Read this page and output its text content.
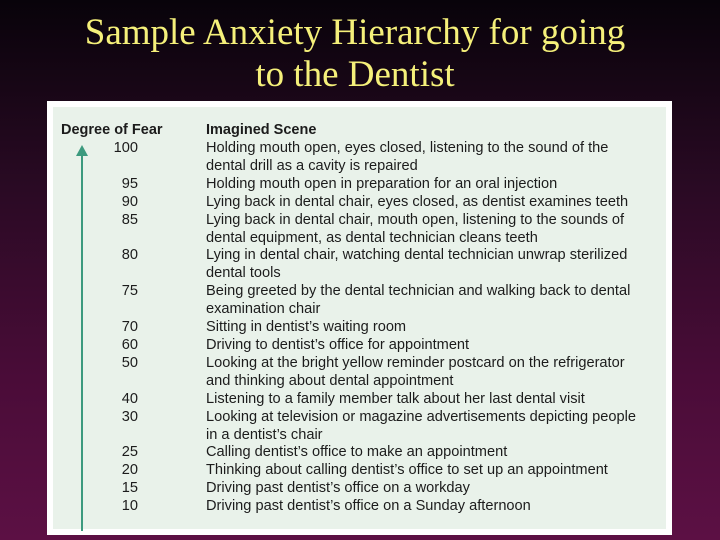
Sample Anxiety Hierarchy for going
to the Dentist
Degree of Fear	Imagined Scene
100	Holding mouth open, eyes closed, listening to the sound of the
dental drill as a cavity is repaired
95	Holding mouth open in preparation for an oral injection
90	Lying back in dental chair, eyes closed, as dentist examines teeth
85	Lying back in dental chair, mouth open, listening to the sounds of
dental equipment, as dental technician cleans teeth
80	Lying in dental chair, watching dental technician unwrap sterilized
dental tools
75	Being greeted by the dental technician and walking back to dental
examination chair
70	Sitting in dentist’s waiting room
60	Driving to dentist’s office for appointment
50	Looking at the bright yellow reminder postcard on the refrigerator
and thinking about dental appointment
40	Listening to a family member talk about her last dental visit
30	Looking at television or magazine advertisements depicting people
in a dentist’s chair
25	Calling dentist’s office to make an appointment
20	Thinking about calling dentist’s office to set up an appointment
15	Driving past dentist’s office on a workday
10	Driving past dentist’s office on a Sunday afternoon
